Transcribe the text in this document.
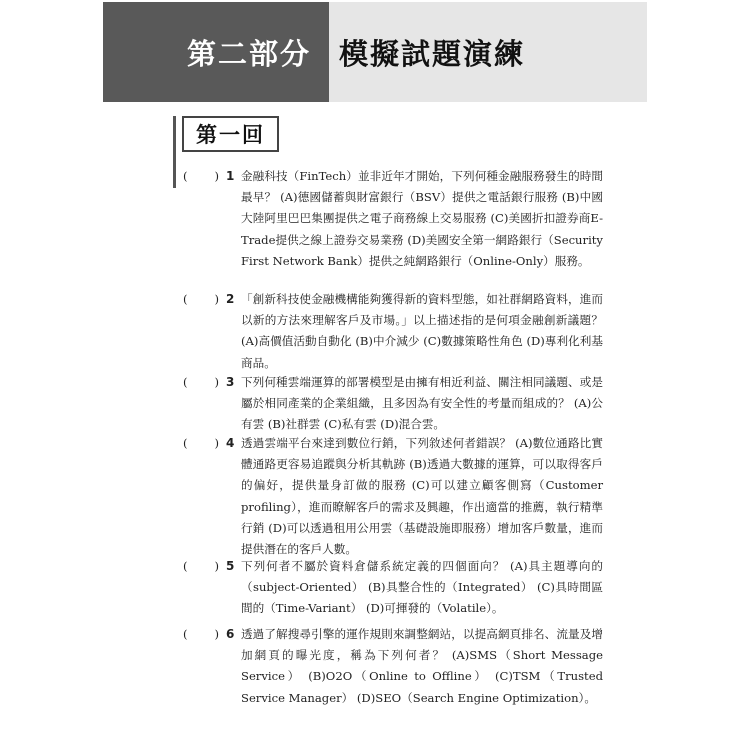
第二部分 模擬試題演練
第一回
( ) 1 金融科技（FinTech）並非近年才開始，下列何種金融服務發生的時間最早？ (A)德國儲蓄與財富銀行（BSV）提供之電話銀行服務 (B)中國大陸阿里巴巴集團提供之電子商務線上交易服務 (C)美國折扣證券商E-Trade提供之線上證券交易業務 (D)美國安全第一網路銀行（Security First Network Bank）提供之純網路銀行（Online-Only）服務。
( ) 2 「創新科技使金融機構能夠獲得新的資料型態，如社群網路資料，進而以新的方法來理解客戶及市場。」以上描述指的是何項金融創新議題？ (A)高價值活動自動化 (B)中介減少 (C)數據策略性角色 (D)專利化利基商品。
( ) 3 下列何種雲端運算的部署模型是由擁有相近利益、關注相同議題、或是屬於相同產業的企業組織，且多因為有安全性的考量而組成的？ (A)公有雲 (B)社群雲 (C)私有雲 (D)混合雲。
( ) 4 透過雲端平台來達到數位行銷，下列敘述何者錯誤？ (A)數位通路比實體通路更容易追蹤與分析其軌跡 (B)透過大數據的運算，可以取得客戶的偏好，提供量身訂做的服務 (C)可以建立顧客側寫（Customer profiling），進而瞭解客戶的需求及興趣，作出適當的推薦，執行精準行銷 (D)可以透過租用公用雲（基礎設施即服務）增加客戶數量，進而提供潛在的客戶人數。
( ) 5 下列何者不屬於資料倉儲系統定義的四個面向？ (A)具主題導向的（subject-Oriented） (B)具整合性的（Integrated） (C)具時間區間的（Time-Variant） (D)可揮發的（Volatile）。
( ) 6 透過了解搜尋引擎的運作規則來調整網站，以提高網頁排名、流量及增加網頁的曝光度，稱為下列何者？ (A)SMS（Short Message Service） (B)O2O（Online to Offline） (C)TSM（Trusted Service Manager） (D)SEO（Search Engine Optimization）。
